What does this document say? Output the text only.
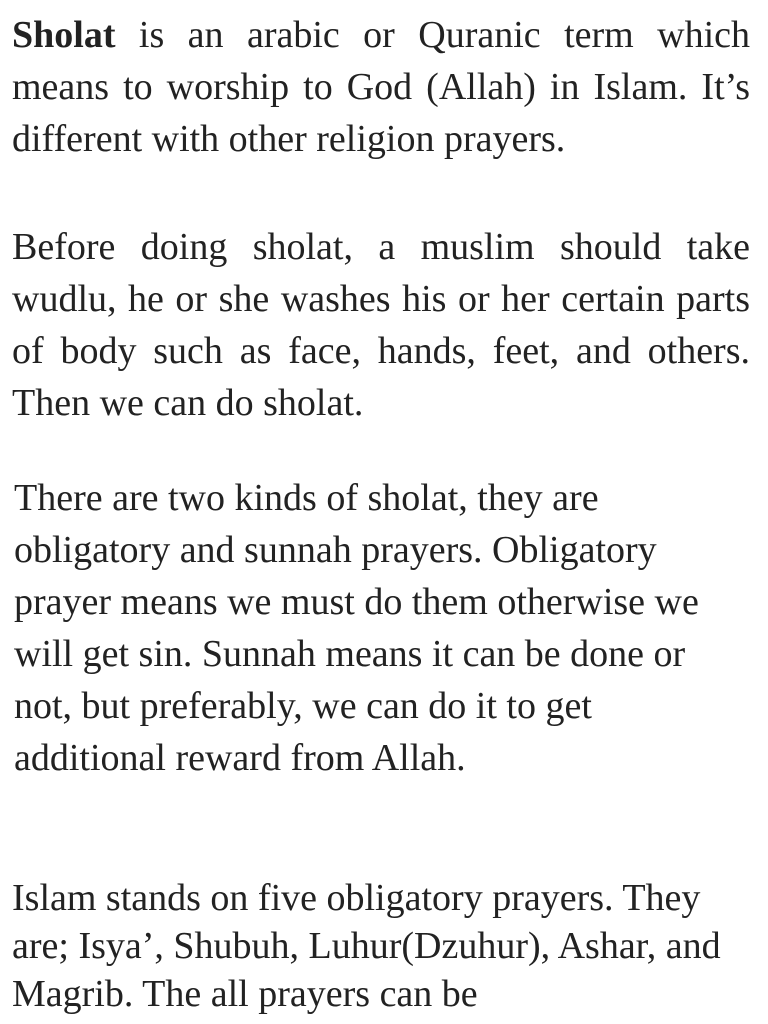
Sholat is an arabic or Quranic term which means to worship to God (Allah) in Islam. It’s different with other religion prayers.

Before doing sholat, a muslim should take wudlu, he or she washes his or her certain parts of body such as face, hands, feet, and others. Then we can do sholat.

There are two kinds of sholat, they are obligatory and sunnah prayers. Obligatory prayer means we must do them otherwise we will get sin. Sunnah means it can be done or not, but preferably, we can do it to get additional reward from Allah.

Islam stands on five obligatory prayers. They are; Isya’, Shubuh, Luhur(Dzuhur), Ashar, and Magrib. The all prayers can be
